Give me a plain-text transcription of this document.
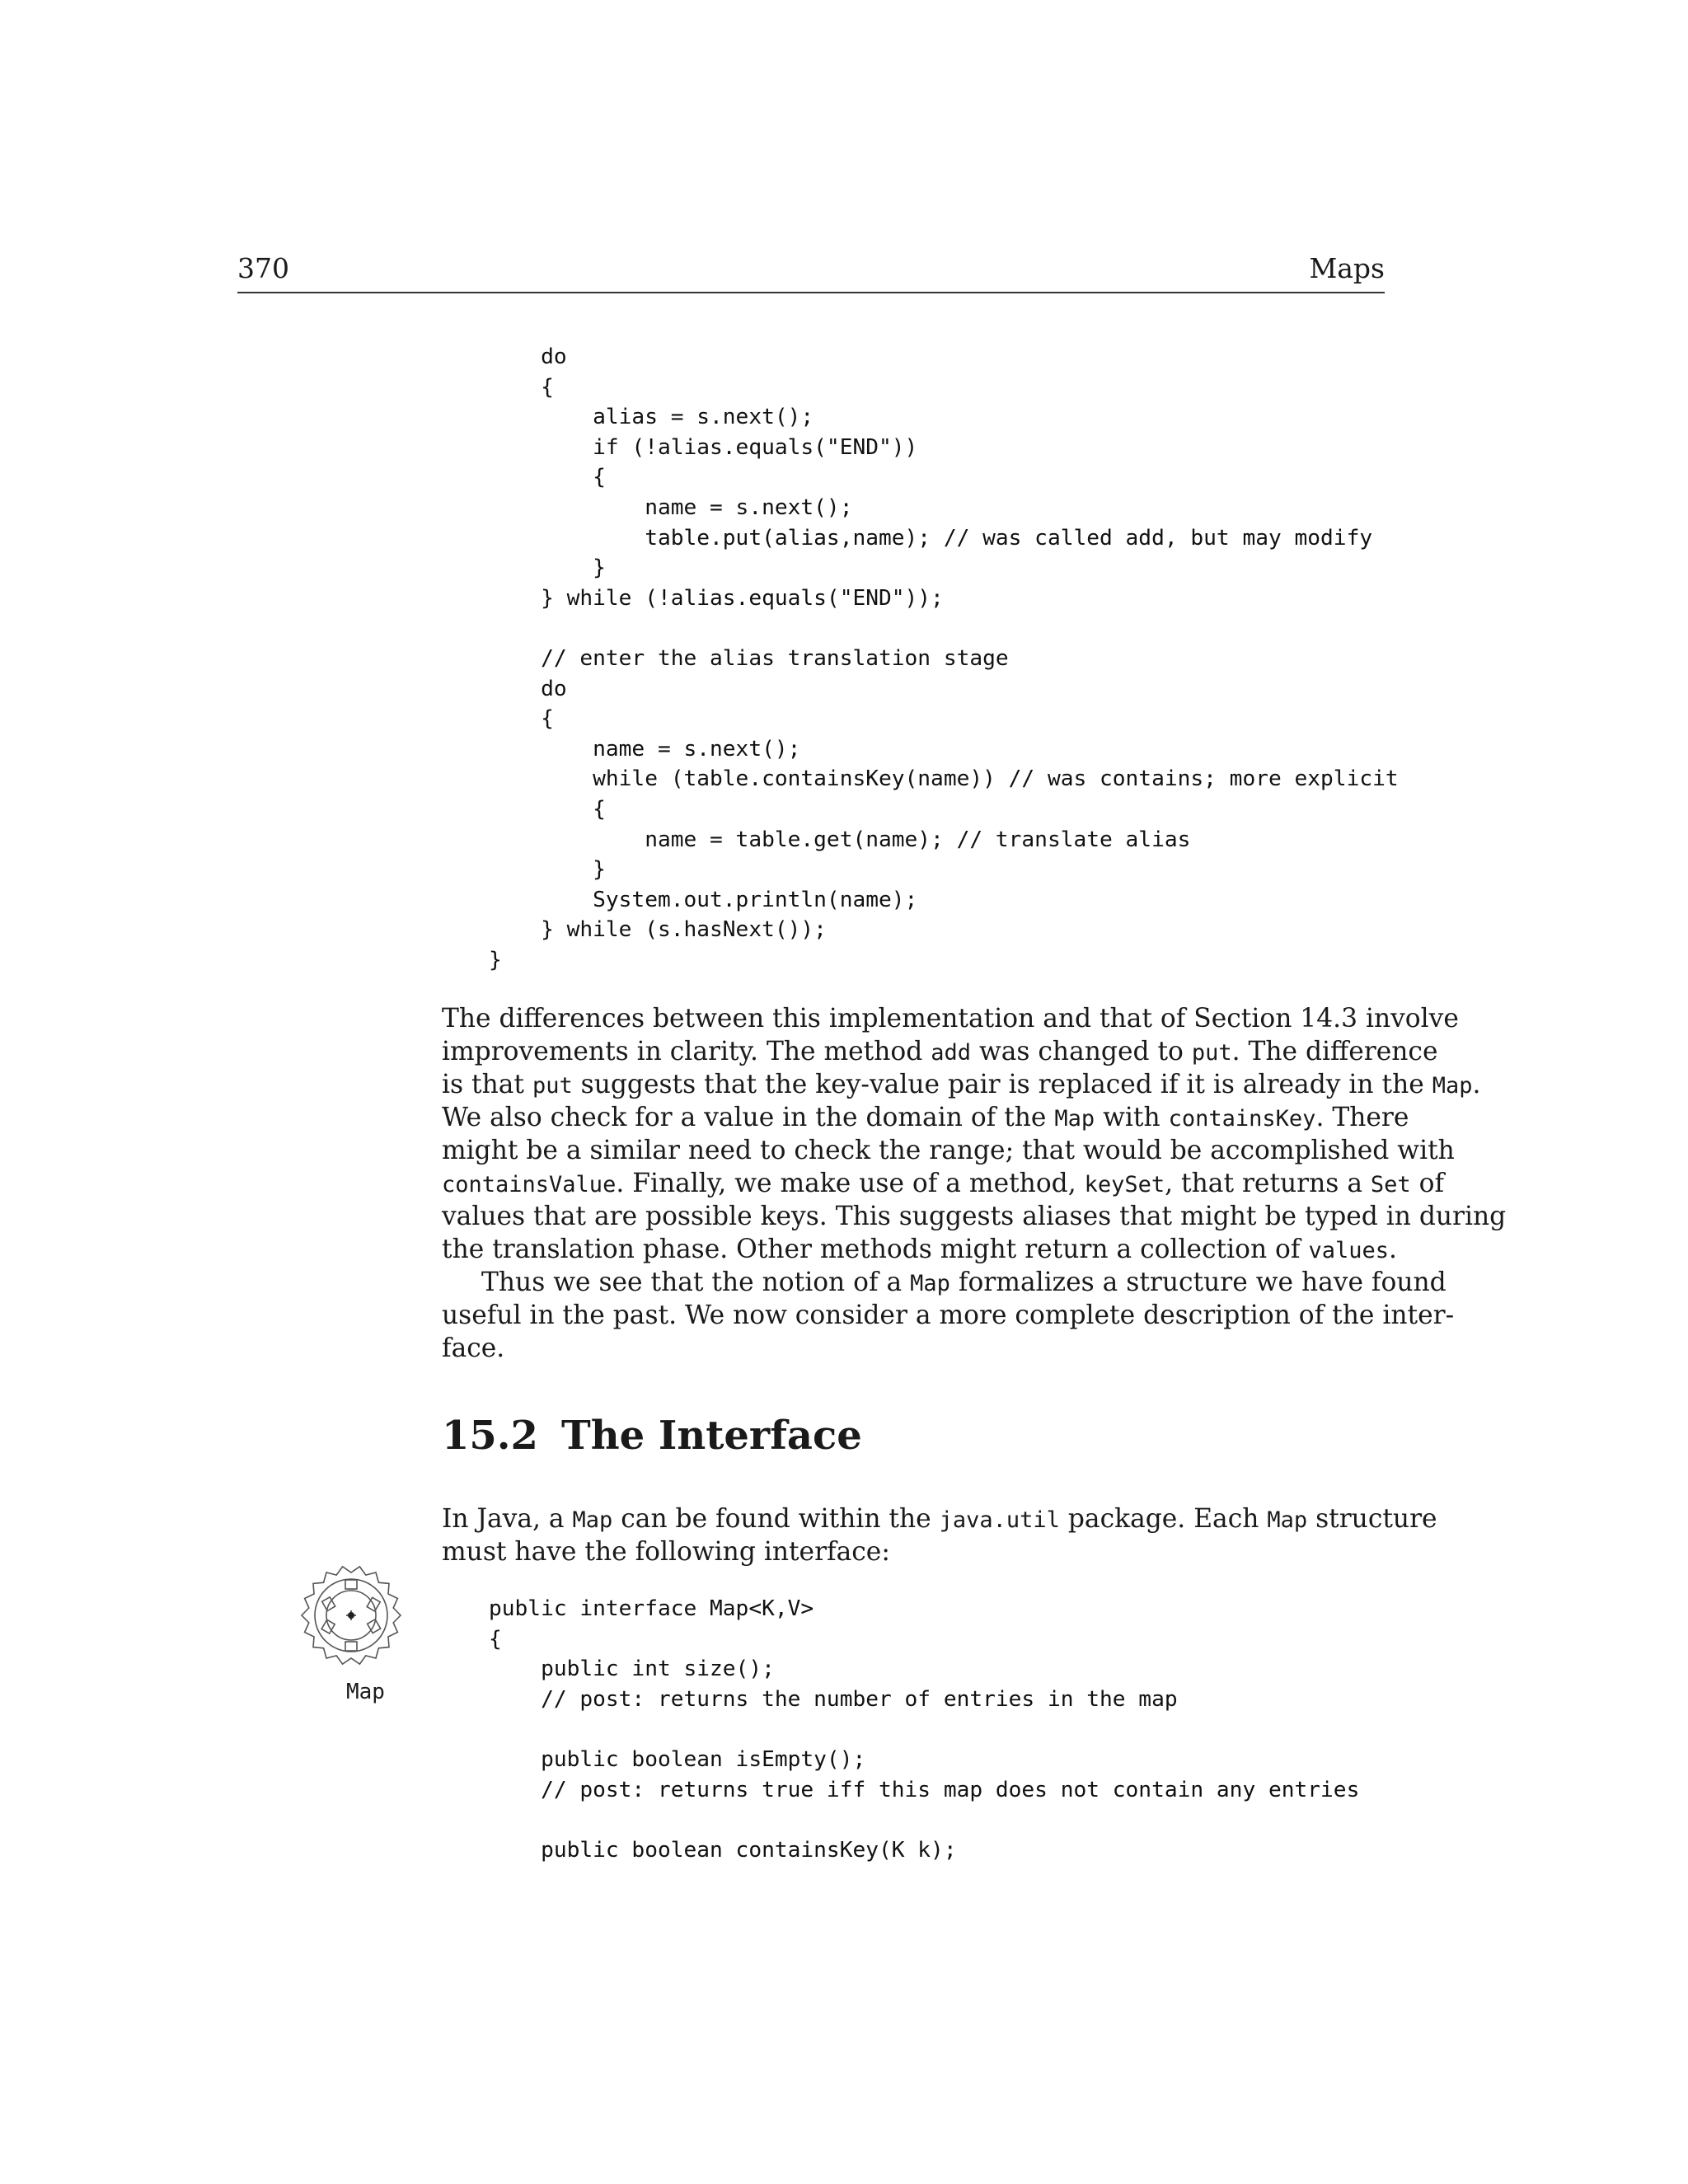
370	Maps
do
{
alias = s.next();
if (!alias.equals("END"))
{
name = s.next();
table.put(alias,name); // was called add, but may modify
}
} while (!alias.equals("END"));
// enter the alias translation stage
do
{
name = s.next();
while (table.containsKey(name)) // was contains; more explicit
{
name = table.get(name); // translate alias
}
System.out.println(name);
} while (s.hasNext());
}
The differences between this implementation and that of Section 14.3 involve
improvements in clarity. The method add was changed to put. The difference
is that put suggests that the key-value pair is replaced if it is already in the Map.
We also check for a value in the domain of the Map with containsKey. There
might be a similar need to check the range; that would be accomplished with
containsValue. Finally, we make use of a method, keySet, that returns a Set of
values that are possible keys. This suggests aliases that might be typed in during
the translation phase. Other methods might return a collection of values.
Thus we see that the notion of a Map formalizes a structure we have found
useful in the past. We now consider a more complete description of the inter-
face.
15.2 The Interface
In Java, a Map can be found within the java.util package. Each Map structure
must have the following interface:
Map
public interface Map<K,V>
{
public int size();
// post: returns the number of entries in the map
public boolean isEmpty();
// post: returns true iff this map does not contain any entries
public boolean containsKey(K k);
